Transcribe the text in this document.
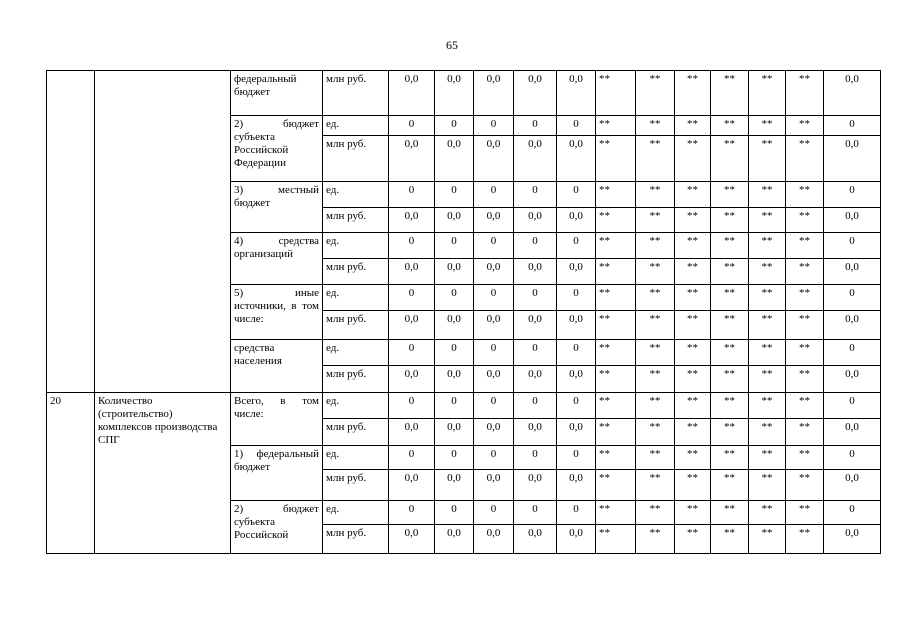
65
		федеральный бюджет	млн руб.	0,0	0,0	0,0	0,0	0,0	**	**	**	**	**	**	0,0
		2) бюджет субъекта Российской Федерации	ед.	0	0	0	0	0	**	**	**	**	**	**	0
			млн руб.	0,0	0,0	0,0	0,0	0,0	**	**	**	**	**	**	0,0
		3) местный бюджет	ед.	0	0	0	0	0	**	**	**	**	**	**	0
			млн руб.	0,0	0,0	0,0	0,0	0,0	**	**	**	**	**	**	0,0
		4) средства организаций	ед.	0	0	0	0	0	**	**	**	**	**	**	0
			млн руб.	0,0	0,0	0,0	0,0	0,0	**	**	**	**	**	**	0,0
		5) иные источники, в том числе:	ед.	0	0	0	0	0	**	**	**	**	**	**	0
			млн руб.	0,0	0,0	0,0	0,0	0,0	**	**	**	**	**	**	0,0
		средства населения	ед.	0	0	0	0	0	**	**	**	**	**	**	0
			млн руб.	0,0	0,0	0,0	0,0	0,0	**	**	**	**	**	**	0,0
20	Количество (строительство) комплексов производства СПГ	Всего, в том числе:	ед.	0	0	0	0	0	**	**	**	**	**	**	0
			млн руб.	0,0	0,0	0,0	0,0	0,0	**	**	**	**	**	**	0,0
		1) федеральный бюджет	ед.	0	0	0	0	0	**	**	**	**	**	**	0
			млн руб.	0,0	0,0	0,0	0,0	0,0	**	**	**	**	**	**	0,0
		2) бюджет субъекта Российской	ед.	0	0	0	0	0	**	**	**	**	**	**	0
			млн руб.	0,0	0,0	0,0	0,0	0,0	**	**	**	**	**	**	0,0
